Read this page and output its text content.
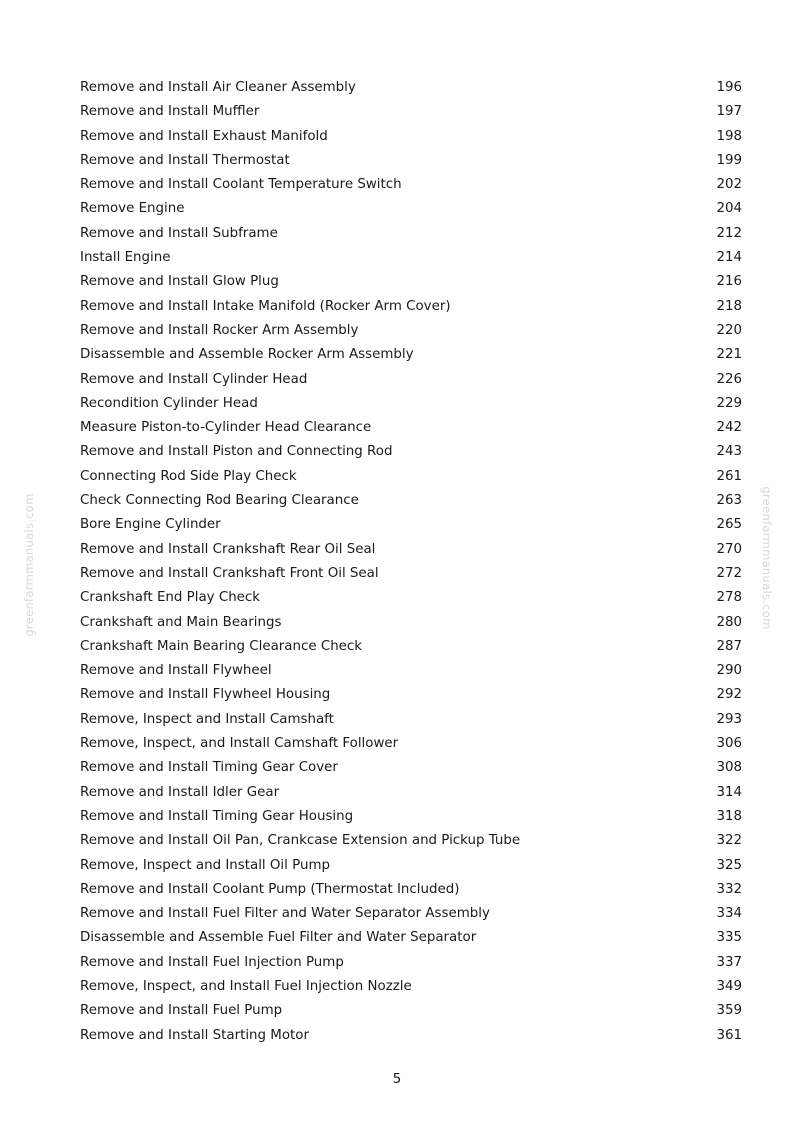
Remove and Install Air Cleaner Assembly	196
Remove and Install Muffler	197
Remove and Install Exhaust Manifold	198
Remove and Install Thermostat	199
Remove and Install Coolant Temperature Switch	202
Remove Engine	204
Remove and Install Subframe	212
Install Engine	214
Remove and Install Glow Plug	216
Remove and Install Intake Manifold (Rocker Arm Cover)	218
Remove and Install Rocker Arm Assembly	220
Disassemble and Assemble Rocker Arm Assembly	221
Remove and Install Cylinder Head	226
Recondition Cylinder Head	229
Measure Piston-to-Cylinder Head Clearance	242
Remove and Install Piston and Connecting Rod	243
Connecting Rod Side Play Check	261
Check Connecting Rod Bearing Clearance	263
Bore Engine Cylinder	265
Remove and Install Crankshaft Rear Oil Seal	270
Remove and Install Crankshaft Front Oil Seal	272
Crankshaft End Play Check	278
Crankshaft and Main Bearings	280
Crankshaft Main Bearing Clearance Check	287
Remove and Install Flywheel	290
Remove and Install Flywheel Housing	292
Remove, Inspect and Install Camshaft	293
Remove, Inspect, and Install Camshaft Follower	306
Remove and Install Timing Gear Cover	308
Remove and Install Idler Gear	314
Remove and Install Timing Gear Housing	318
Remove and Install Oil Pan, Crankcase Extension and Pickup Tube	322
Remove, Inspect and Install Oil Pump	325
Remove and Install Coolant Pump (Thermostat Included)	332
Remove and Install Fuel Filter and Water Separator Assembly	334
Disassemble and Assemble Fuel Filter and Water Separator	335
Remove and Install Fuel Injection Pump	337
Remove, Inspect, and Install Fuel Injection Nozzle	349
Remove and Install Fuel Pump	359
Remove and Install Starting Motor	361
5
greenfarmmanuals.com	greenfarmmanuals.com
